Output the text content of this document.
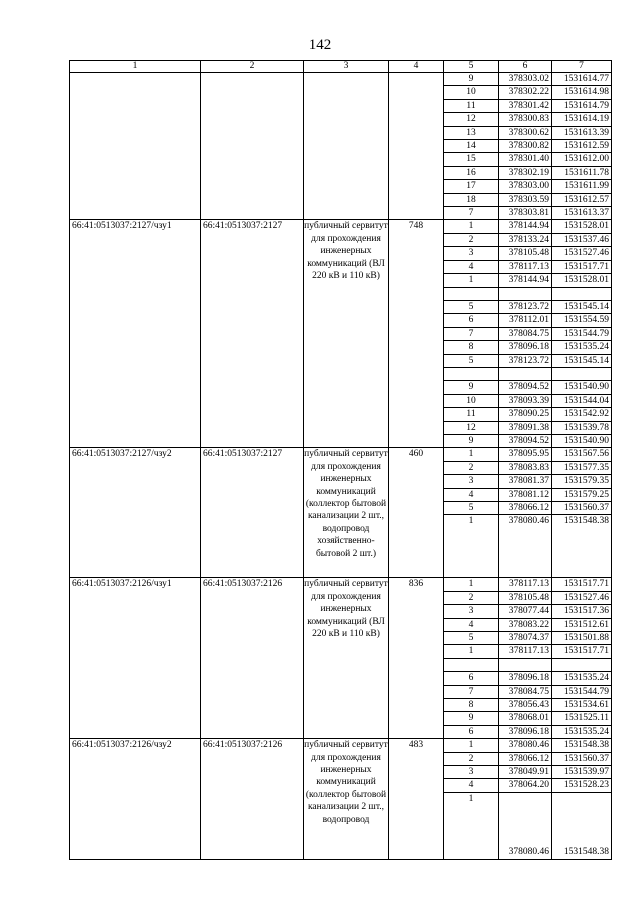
142
1	2	3	4	5	6	7
				9	378303.02	1531614.77
				10	378302.22	1531614.98
				11	378301.42	1531614.79
				12	378300.83	1531614.19
				13	378300.62	1531613.39
				14	378300.82	1531612.59
				15	378301.40	1531612.00
				16	378302.19	1531611.78
				17	378303.00	1531611.99
				18	378303.59	1531612.57
				7	378303.81	1531613.37
66:41:0513037:2127/чзу1	66:41:0513037:2127	публичный сервитут для прохождения инженерных коммуникаций (ВЛ 220 кВ и 110 кВ)	748	1	378144.94	1531528.01
				2	378133.24	1531537.46
				3	378105.48	1531527.46
				4	378117.13	1531517.71
				1	378144.94	1531528.01

				5	378123.72	1531545.14
				6	378112.01	1531554.59
				7	378084.75	1531544.79
				8	378096.18	1531535.24
				5	378123.72	1531545.14

				9	378094.52	1531540.90
				10	378093.39	1531544.04
				11	378090.25	1531542.92
				12	378091.38	1531539.78
				9	378094.52	1531540.90
66:41:0513037:2127/чзу2	66:41:0513037:2127	публичный сервитут для прохождения инженерных коммуникаций (коллектор бытовой канализации 2 шт., водопровод хозяйственно-бытовой 2 шт.)	460	1	378095.95	1531567.56
				2	378083.83	1531577.35
				3	378081.37	1531579.35
				4	378081.12	1531579.25
				5	378066.12	1531560.37
				1	378080.46	1531548.38
66:41:0513037:2126/чзу1	66:41:0513037:2126	публичный сервитут для прохождения инженерных коммуникаций (ВЛ 220 кВ и 110 кВ)	836	1	378117.13	1531517.71
				2	378105.48	1531527.46
				3	378077.44	1531517.36
				4	378083.22	1531512.61
				5	378074.37	1531501.88
				1	378117.13	1531517.71

				6	378096.18	1531535.24
				7	378084.75	1531544.79
				8	378056.43	1531534.61
				9	378068.01	1531525.11
				6	378096.18	1531535.24
66:41:0513037:2126/чзу2	66:41:0513037:2126	публичный сервитут для прохождения инженерных коммуникаций (коллектор бытовой канализации 2 шт., водопровод	483	1	378080.46	1531548.38
				2	378066.12	1531560.37
				3	378049.91	1531539.97
				4	378064.20	1531528.23
				1	378080.46	1531548.38
